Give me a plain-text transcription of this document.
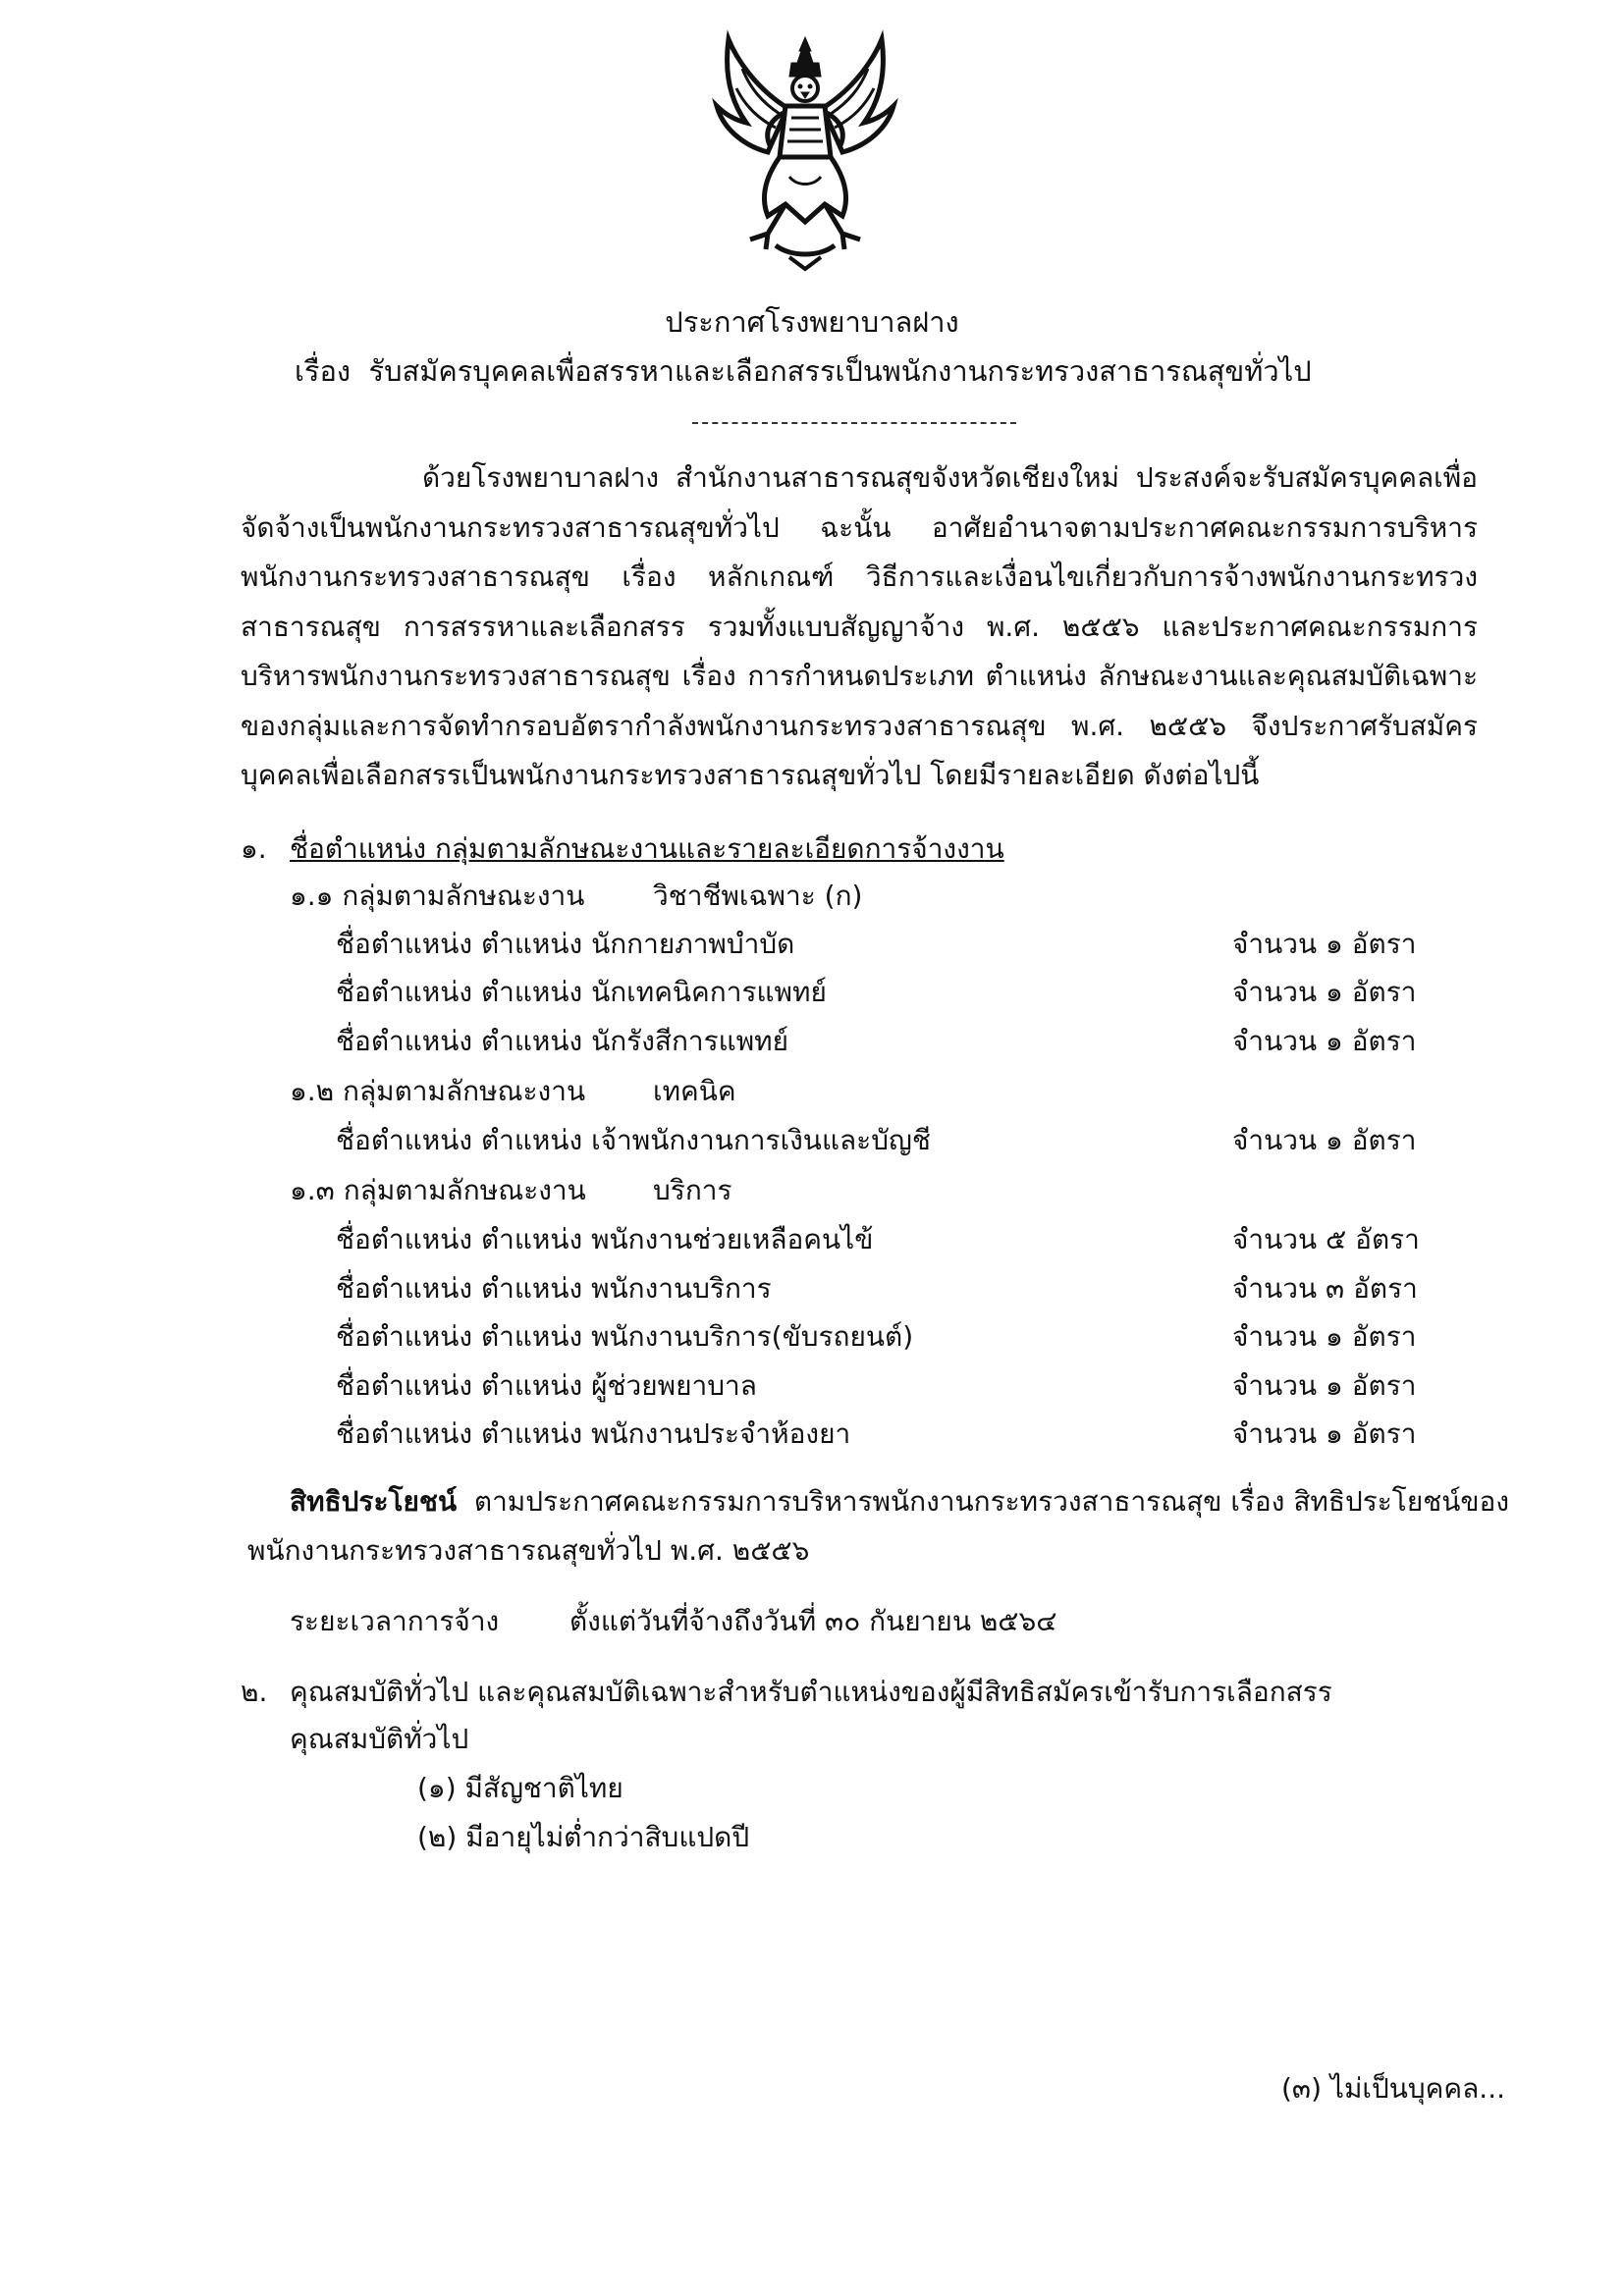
ประกาศโรงพยาบาลฝาง
เรื่อง รับสมัครบุคคลเพื่อสรรหาและเลือกสรรเป็นพนักงานกระทรวงสาธารณสุขทั่วไป
ด้วยโรงพยาบาลฝาง สำนักงานสาธารณสุขจังหวัดเชียงใหม่ ประสงค์จะรับสมัครบุคคลเพื่อจัดจ้างเป็นพนักงานกระทรวงสาธารณสุขทั่วไป ฉะนั้น อาศัยอำนาจตามประกาศคณะกรรมการบริหารพนักงานกระทรวงสาธารณสุข เรื่อง หลักเกณฑ์ วิธีการและเงื่อนไขเกี่ยวกับการจ้างพนักงานกระทรวงสาธารณสุข การสรรหาและเลือกสรร รวมทั้งแบบสัญญาจ้าง พ.ศ. ๒๕๕๖ และประกาศคณะกรรมการบริหารพนักงานกระทรวงสาธารณสุข เรื่อง การกำหนดประเภท ตำแหน่ง ลักษณะงานและคุณสมบัติเฉพาะของกลุ่มและการจัดทำกรอบอัตรากำลังพนักงานกระทรวงสาธารณสุข พ.ศ. ๒๕๕๖ จึงประกาศรับสมัครบุคคลเพื่อเลือกสรรเป็นพนักงานกระทรวงสาธารณสุขทั่วไป โดยมีรายละเอียด ดังต่อไปนี้
๑. ชื่อตำแหน่ง กลุ่มตามลักษณะงานและรายละเอียดการจ้างงาน
๑.๑ กลุ่มตามลักษณะงาน วิชาชีพเฉพาะ (ก)
ชื่อตำแหน่ง ตำแหน่ง นักกายภาพบำบัด	จำนวน ๑ อัตรา
ชื่อตำแหน่ง ตำแหน่ง นักเทคนิคการแพทย์	จำนวน ๑ อัตรา
ชื่อตำแหน่ง ตำแหน่ง นักรังสีการแพทย์	จำนวน ๑ อัตรา
๑.๒ กลุ่มตามลักษณะงาน เทคนิค
ชื่อตำแหน่ง ตำแหน่ง เจ้าพนักงานการเงินและบัญชี	จำนวน ๑ อัตรา
๑.๓ กลุ่มตามลักษณะงาน บริการ
ชื่อตำแหน่ง ตำแหน่ง พนักงานช่วยเหลือคนไข้	จำนวน ๕ อัตรา
ชื่อตำแหน่ง ตำแหน่ง พนักงานบริการ	จำนวน ๓ อัตรา
ชื่อตำแหน่ง ตำแหน่ง พนักงานบริการ(ขับรถยนต์)	จำนวน ๑ อัตรา
ชื่อตำแหน่ง ตำแหน่ง ผู้ช่วยพยาบาล	จำนวน ๑ อัตรา
ชื่อตำแหน่ง ตำแหน่ง พนักงานประจำห้องยา	จำนวน ๑ อัตรา
สิทธิประโยชน์ ตามประกาศคณะกรรมการบริหารพนักงานกระทรวงสาธารณสุข เรื่อง สิทธิประโยชน์ของ
พนักงานกระทรวงสาธารณสุขทั่วไป พ.ศ. ๒๕๕๖
ระยะเวลาการจ้าง	ตั้งแต่วันที่จ้างถึงวันที่ ๓๐ กันยายน ๒๕๖๔
๒. คุณสมบัติทั่วไป และคุณสมบัติเฉพาะสำหรับตำแหน่งของผู้มีสิทธิสมัครเข้ารับการเลือกสรร
คุณสมบัติทั่วไป
(๑) มีสัญชาติไทย
(๒) มีอายุไม่ต่ำกว่าสิบแปดปี
(๓) ไม่เป็นบุคคล...
